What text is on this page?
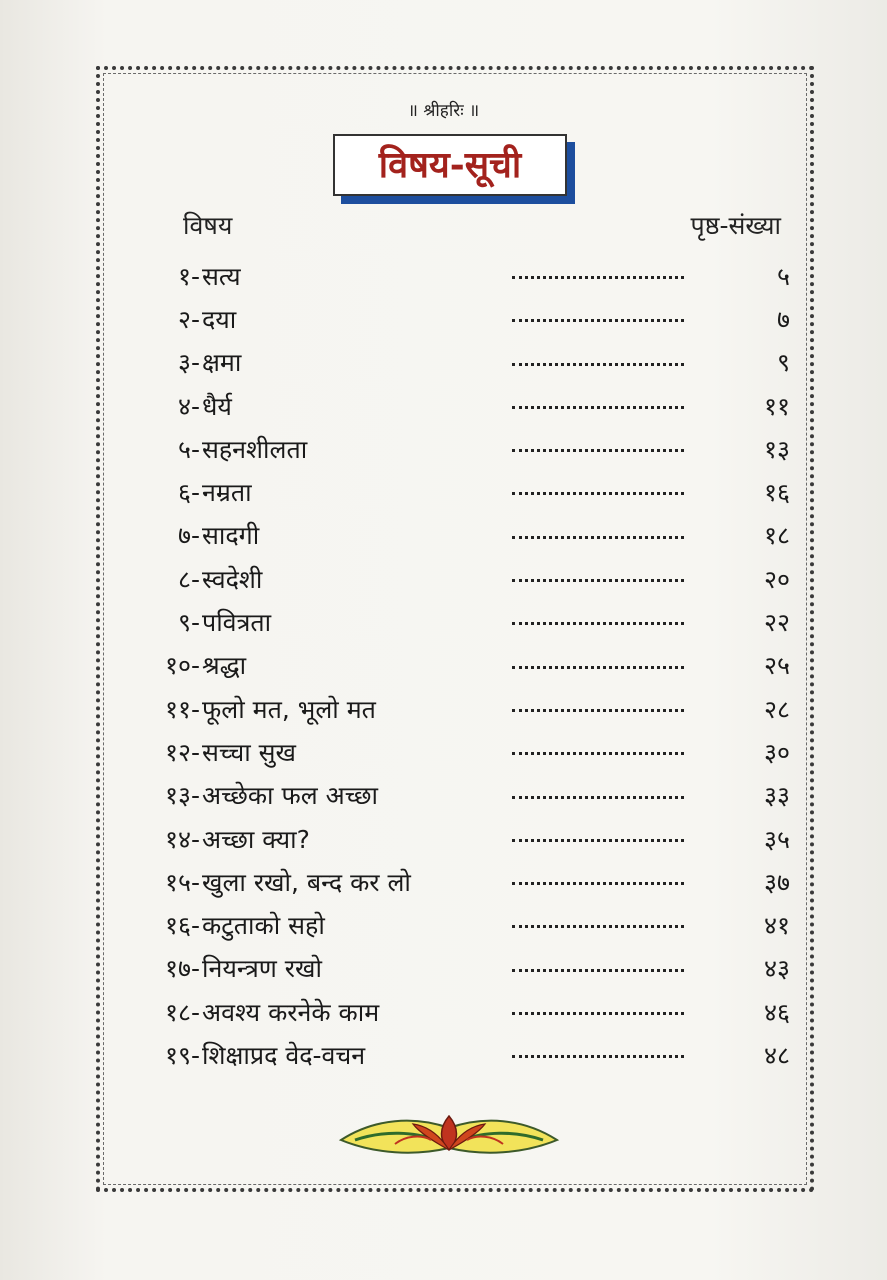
॥ श्रीहरिः ॥
विषय-सूची
विषय	पृष्ठ-संख्या
१- सत्य	५
२- दया	७
३- क्षमा	९
४- धैर्य	११
५- सहनशीलता	१३
६- नम्रता	१६
७- सादगी	१८
८- स्वदेशी	२०
९- पवित्रता	२२
१०- श्रद्धा	२५
११- फूलो मत, भूलो मत	२८
१२- सच्चा सुख	३०
१३- अच्छेका फल अच्छा	३३
१४- अच्छा क्या?	३५
१५- खुला रखो, बन्द कर लो	३७
१६- कटुताको सहो	४१
१७- नियन्त्रण रखो	४३
१८- अवश्य करनेके काम	४६
१९- शिक्षाप्रद वेद-वचन	४८
